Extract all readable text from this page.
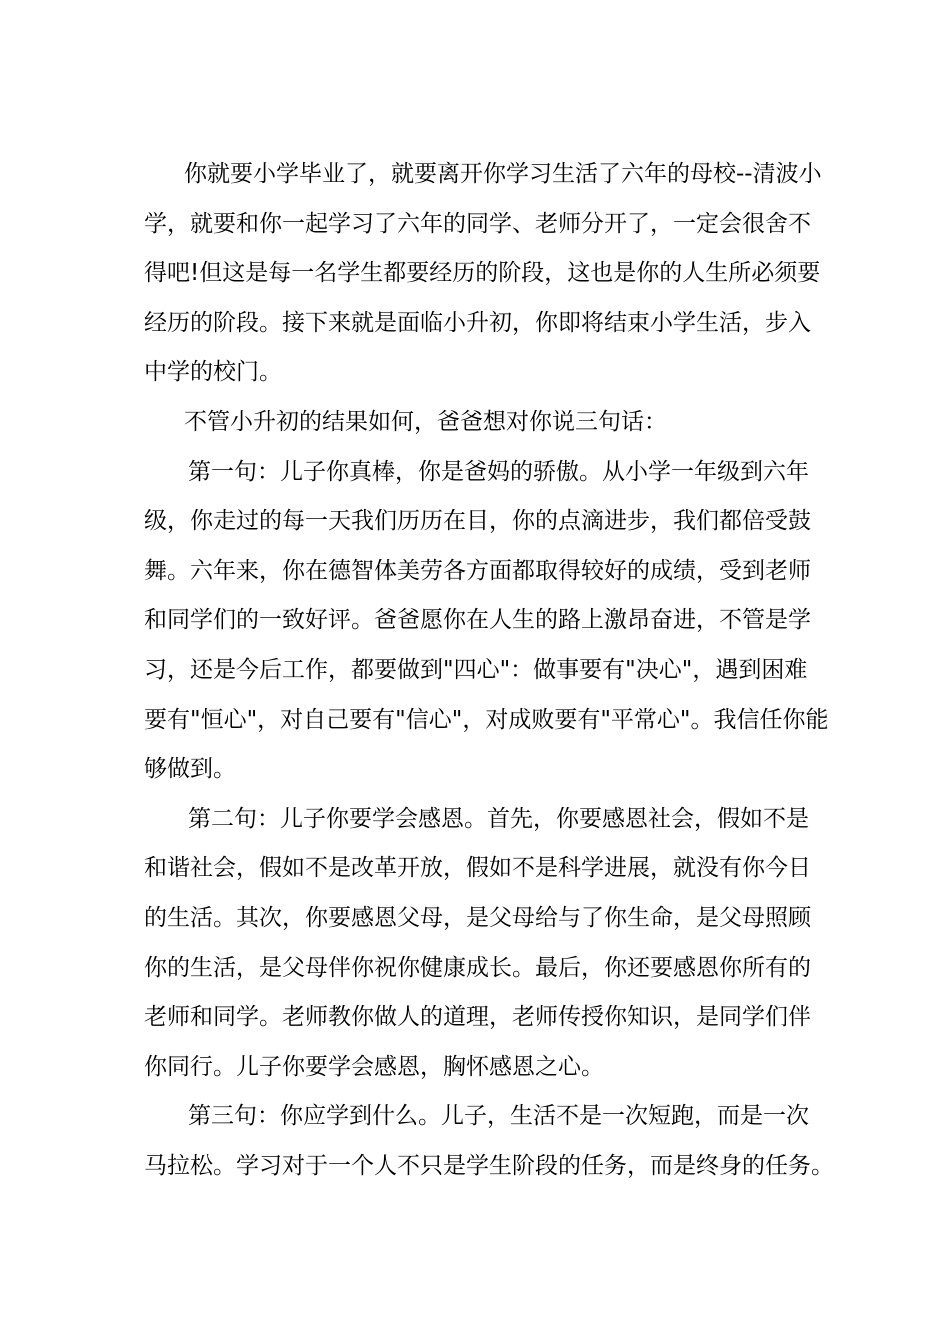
你就要小学毕业了，就要离开你学习生活了六年的母校--清波小
学，就要和你一起学习了六年的同学、老师分开了，一定会很舍不
得吧!但这是每一名学生都要经历的阶段，这也是你的人生所必须要
经历的阶段。接下来就是面临小升初，你即将结束小学生活，步入
中学的校门。
不管小升初的结果如何，爸爸想对你说三句话：
第一句：儿子你真棒，你是爸妈的骄傲。从小学一年级到六年
级，你走过的每一天我们历历在目，你的点滴进步，我们都倍受鼓
舞。六年来，你在德智体美劳各方面都取得较好的成绩，受到老师
和同学们的一致好评。爸爸愿你在人生的路上激昂奋进，不管是学
习，还是今后工作，都要做到"四心"：做事要有"决心"，遇到困难
要有"恒心"，对自己要有"信心"，对成败要有"平常心"。我信任你能
够做到。
第二句：儿子你要学会感恩。首先，你要感恩社会，假如不是
和谐社会，假如不是改革开放，假如不是科学进展，就没有你今日
的生活。其次，你要感恩父母，是父母给与了你生命，是父母照顾
你的生活，是父母伴你祝你健康成长。最后，你还要感恩你所有的
老师和同学。老师教你做人的道理，老师传授你知识，是同学们伴
你同行。儿子你要学会感恩，胸怀感恩之心。
第三句：你应学到什么。儿子，生活不是一次短跑，而是一次
马拉松。学习对于一个人不只是学生阶段的任务，而是终身的任务。
